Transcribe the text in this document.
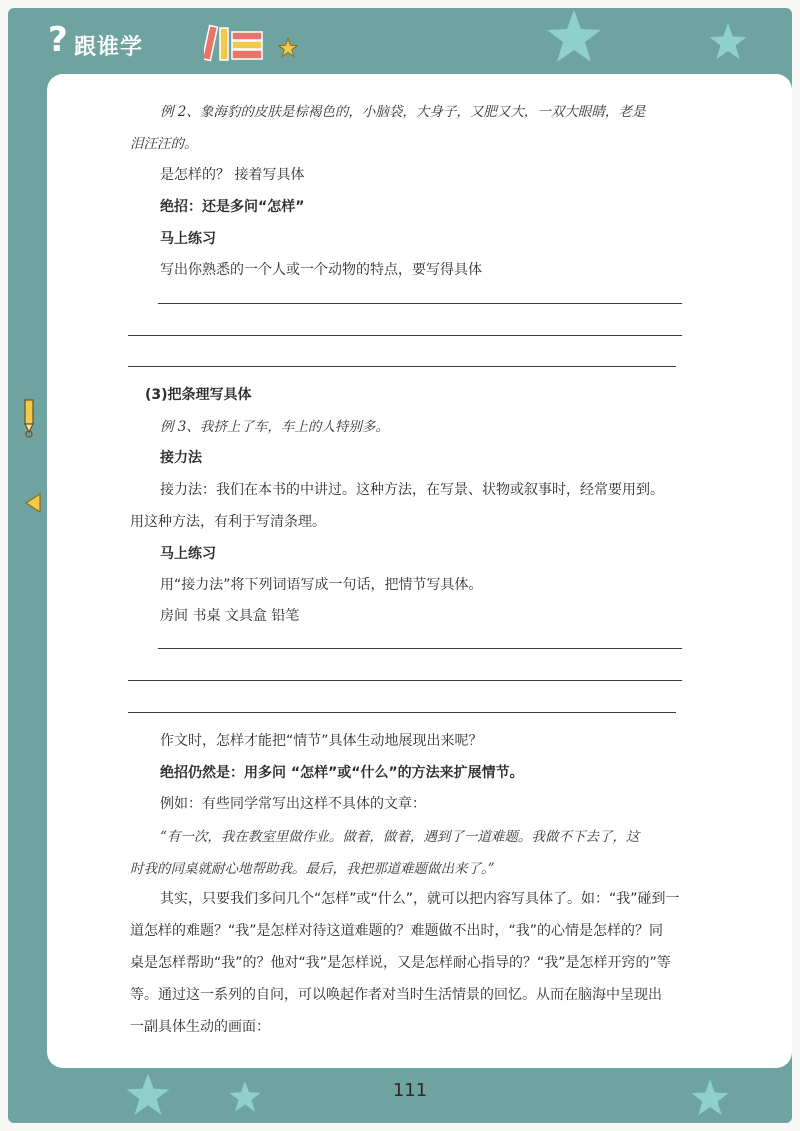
? 跟谁学
例 2、象海豹的皮肤是棕褐色的，小脑袋，大身子，又肥又大，一双大眼睛，老是
泪汪汪的。
是怎样的？ 接着写具体
绝招：还是多问“怎样”
马上练习
写出你熟悉的一个人或一个动物的特点，要写得具体
(3)把条理写具体
例 3、我挤上了车，车上的人特别多。
接力法
接力法：我们在本书的中讲过。这种方法，在写景、状物或叙事时，经常要用到。
用这种方法，有利于写清条理。
马上练习
用“接力法”将下列词语写成一句话，把情节写具体。
房间 书桌 文具盒 铅笔
作文时，怎样才能把“情节”具体生动地展现出来呢？
绝招仍然是：用多问 “怎样”或“什么”的方法来扩展情节。
例如：有些同学常写出这样不具体的文章：
“有一次，我在教室里做作业。做着，做着，遇到了一道难题。我做不下去了，这
时我的同桌就耐心地帮助我。最后，我把那道难题做出来了。”
其实，只要我们多问几个“怎样”或“什么”，就可以把内容写具体了。如：“我”碰到一
道怎样的难题？“我”是怎样对待这道难题的？难题做不出时，“我”的心情是怎样的？同
桌是怎样帮助“我”的？他对“我”是怎样说，又是怎样耐心指导的？“我”是怎样开窍的”等
等。通过这一系列的自问，可以唤起作者对当时生活情景的回忆。从而在脑海中呈现出
一副具体生动的画面：
111
